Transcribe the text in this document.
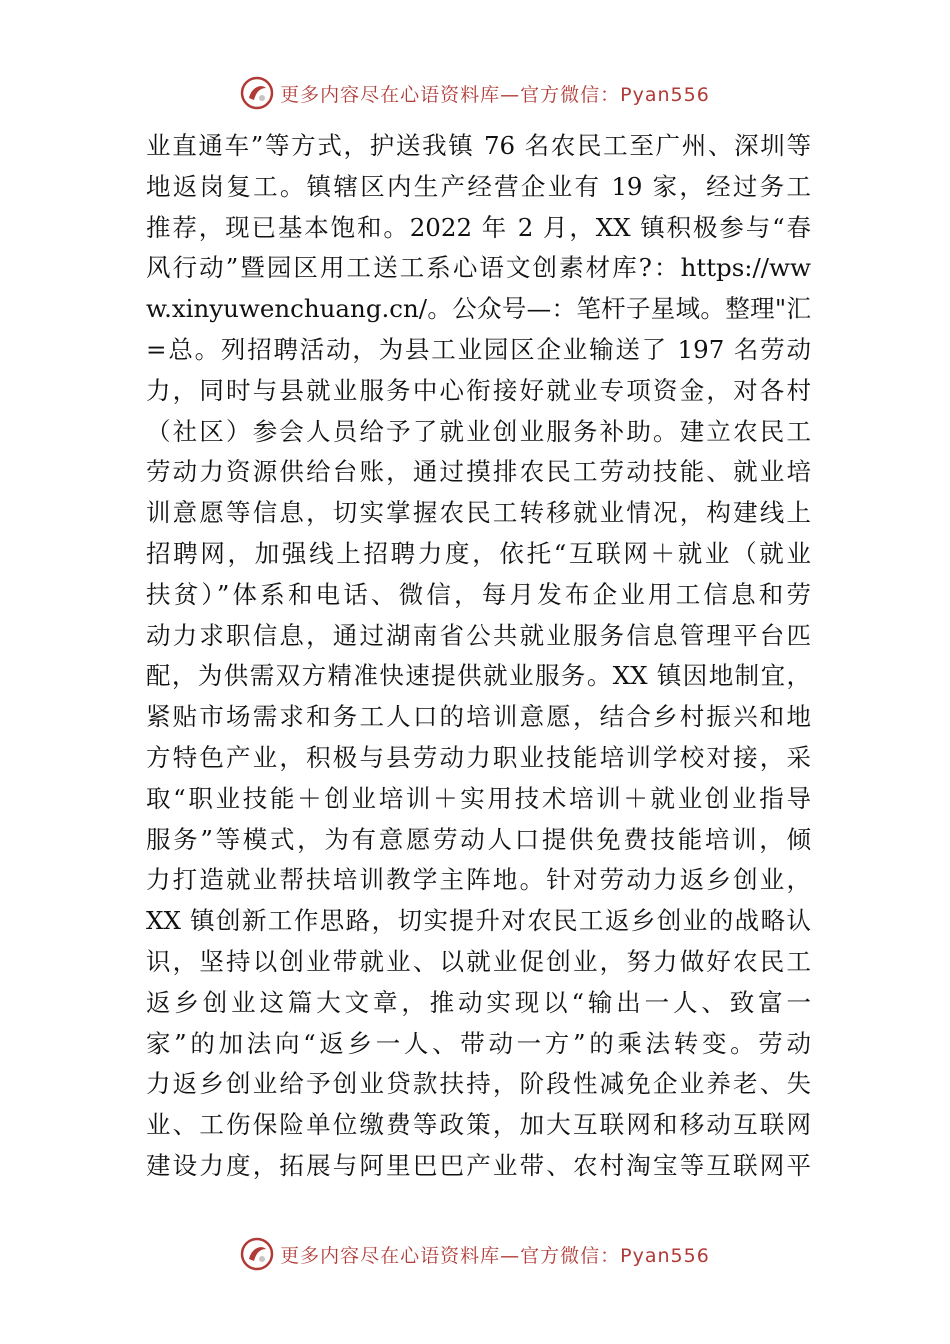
更多内容尽在心语资料库—官方微信：Pyan556
业直通车”等方式，护送我镇 76 名农民工至广州、深圳等
地返岗复工。镇辖区内生产经营企业有 19 家，经过务工
推荐，现已基本饱和。2022 年 2 月，XX 镇积极参与“春
风行动”暨园区用工送工系心语文创素材库?：https://ww
w.xinyuwenchuang.cn/。公众号—：笔杆子星域。整理"汇
=总。列招聘活动，为县工业园区企业输送了 197 名劳动
力，同时与县就业服务中心衔接好就业专项资金，对各村
（社区）参会人员给予了就业创业服务补助。建立农民工
劳动力资源供给台账，通过摸排农民工劳动技能、就业培
训意愿等信息，切实掌握农民工转移就业情况，构建线上
招聘网，加强线上招聘力度，依托“互联网＋就业（就业
扶贫）”体系和电话、微信，每月发布企业用工信息和劳
动力求职信息，通过湖南省公共就业服务信息管理平台匹
配，为供需双方精准快速提供就业服务。XX 镇因地制宜，
紧贴市场需求和务工人口的培训意愿，结合乡村振兴和地
方特色产业，积极与县劳动力职业技能培训学校对接，采
取“职业技能＋创业培训＋实用技术培训＋就业创业指导
服务”等模式，为有意愿劳动人口提供免费技能培训，倾
力打造就业帮扶培训教学主阵地。针对劳动力返乡创业，
XX 镇创新工作思路，切实提升对农民工返乡创业的战略认
识，坚持以创业带就业、以就业促创业，努力做好农民工
返乡创业这篇大文章，推动实现以“输出一人、致富一
家”的加法向“返乡一人、带动一方”的乘法转变。劳动
力返乡创业给予创业贷款扶持，阶段性减免企业养老、失
业、工伤保险单位缴费等政策，加大互联网和移动互联网
建设力度，拓展与阿里巴巴产业带、农村淘宝等互联网平
更多内容尽在心语资料库—官方微信：Pyan556
